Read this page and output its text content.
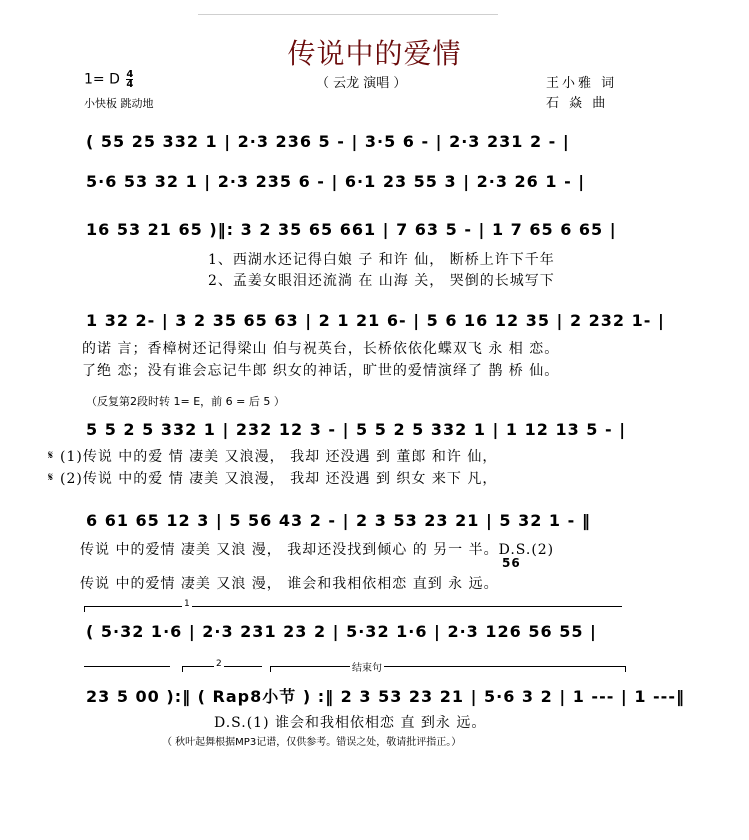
传说中的爱情
1= D $\frac{4}{4}$	（ 云龙 演唱 ）
小快板 跳动地
王小雅 词
石 焱 曲
( 55 25 332 1 | 2·3 236 5 - | 3·5 6 - | 2·3 231 2 - |
5·6 53 32 1 | 2·3 235 6 - | 6·1 23 55 3 | 2·3 26 1 - |
16 53 21 65 )‖: 3 2 35 65 661 | 7 63 5 - | 1 7 65 6 65 |
1、西湖水还记得白娘 子 和许 仙， 断桥上许下千年
2、孟姜女眼泪还流淌 在 山海 关， 哭倒的长城写下
1 32 2- | 3 2 35 65 63 | 2 1 21 6- | 5 6 16 12 35 | 2 232 1- |
的诺 言；香樟树还记得梁山 伯与祝英台，长桥依依化蝶双飞 永 相 恋。
了绝 恋；没有谁会忘记牛郎 织女的神话，旷世的爱情演绎了 鹊 桥 仙。
（反复第2段时转 1= E，前 6 = 后 5 ）
5 5 2 5 332 1 | 232 12 3 - | 5 5 2 5 332 1 | 1 12 13 5 - |
𝄋 (1)传说 中的爱 情 凄美 又浪漫， 我却 还没遇 到 董郎 和许 仙，
𝄋 (2)传说 中的爱 情 凄美 又浪漫， 我却 还没遇 到 织女 来下 凡，
6 61 65 12 3 | 5 56 43 2 - | 2 3 53 23 21 | 5 32 1 - ‖
传说 中的爱情 凄美 又浪 漫， 我却还没找到倾心 的 另一 半。D.S.(2)
56
传说 中的爱情 凄美 又浪 漫， 谁会和我相依相恋 直到 永 远。
1
( 5·32 1·6 | 2·3 231 23 2 | 5·32 1·6 | 2·3 126 56 55 |
2	结束句
23 5 00 ):‖ ( Rap8小节 ) :‖ 2 3 53 23 21 | 5·6 3 2 | 1 --- | 1 ---‖
D.S.(1) 谁会和我相依相恋 直 到永 远。
（ 秋叶起舞根据MP3记谱，仅供参考。错误之处，敬请批评指正。）
